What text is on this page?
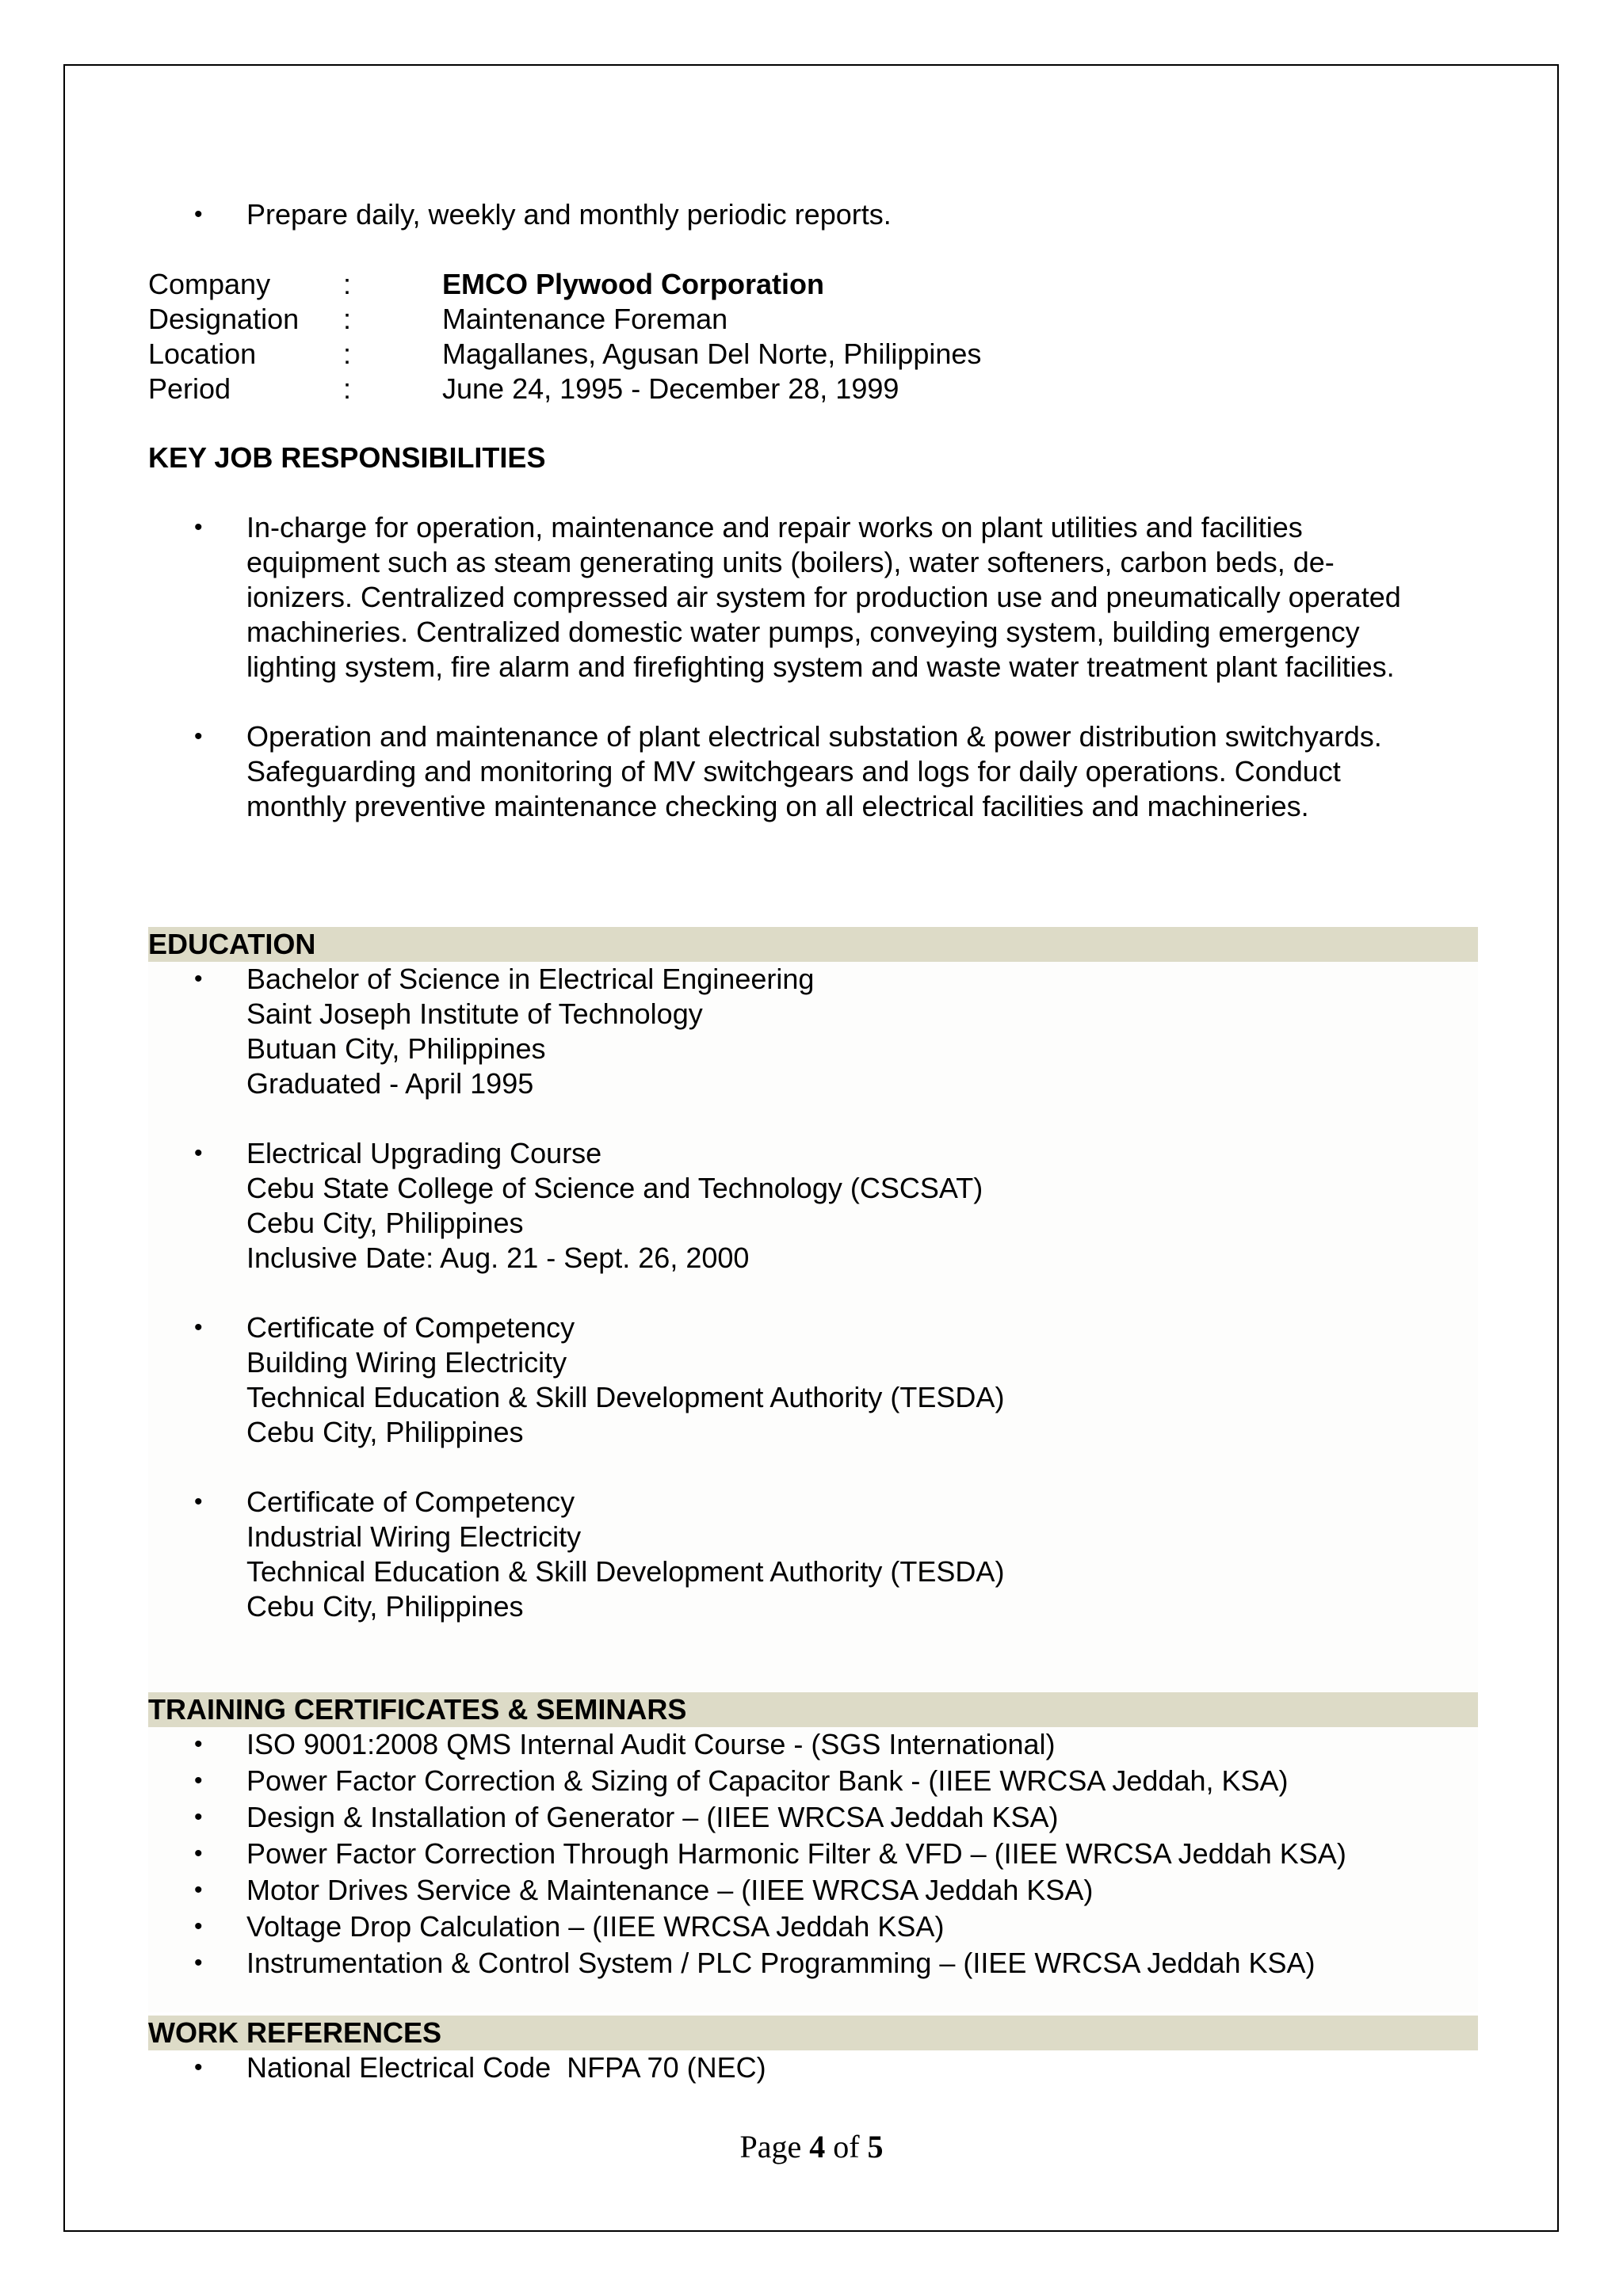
• Prepare daily, weekly and monthly periodic reports.

Company	:	EMCO Plywood Corporation

Designation :	Maintenance Foreman

Location	:	Magallanes, Agusan Del Norte, Philippines

Period	:	June 24, 1995 - December 28, 1999

KEY JOB RESPONSIBILITIES

• In-charge for operation, maintenance and repair works on plant utilities and facilities

equipment such as steam generating units (boilers), water softeners, carbon beds, de-

ionizers. Centralized compressed air system for production use and pneumatically operated

machineries. Centralized domestic water pumps, conveying system, building emergency

lighting system, fire alarm and firefighting system and waste water treatment plant facilities.

• Operation and maintenance of plant electrical substation & power distribution switchyards.

Safeguarding and monitoring of MV switchgears and logs for daily operations. Conduct

monthly preventive maintenance checking on all electrical facilities and machineries.

EDUCATION

• Bachelor of Science in Electrical Engineering

Saint Joseph Institute of Technology

Butuan City, Philippines

Graduated - April 1995

• Electrical Upgrading Course

Cebu State College of Science and Technology (CSCSAT)

Cebu City, Philippines

Inclusive Date: Aug. 21 - Sept. 26, 2000

• Certificate of Competency

Building Wiring Electricity

Technical Education & Skill Development Authority (TESDA)

Cebu City, Philippines

• Certificate of Competency

Industrial Wiring Electricity

Technical Education & Skill Development Authority (TESDA)

Cebu City, Philippines

TRAINING CERTIFICATES & SEMINARS

• ISO 9001:2008 QMS Internal Audit Course - (SGS International)

• Power Factor Correction & Sizing of Capacitor Bank - (IIEE WRCSA Jeddah, KSA)

• Design & Installation of Generator – (IIEE WRCSA Jeddah KSA)

• Power Factor Correction Through Harmonic Filter & VFD – (IIEE WRCSA Jeddah KSA)

• Motor Drives Service & Maintenance – (IIEE WRCSA Jeddah KSA)

• Voltage Drop Calculation – (IIEE WRCSA Jeddah KSA)

• Instrumentation & Control System / PLC Programming – (IIEE WRCSA Jeddah KSA)

WORK REFERENCES

• National Electrical Code  NFPA 70 (NEC)

Page 4 of 5
